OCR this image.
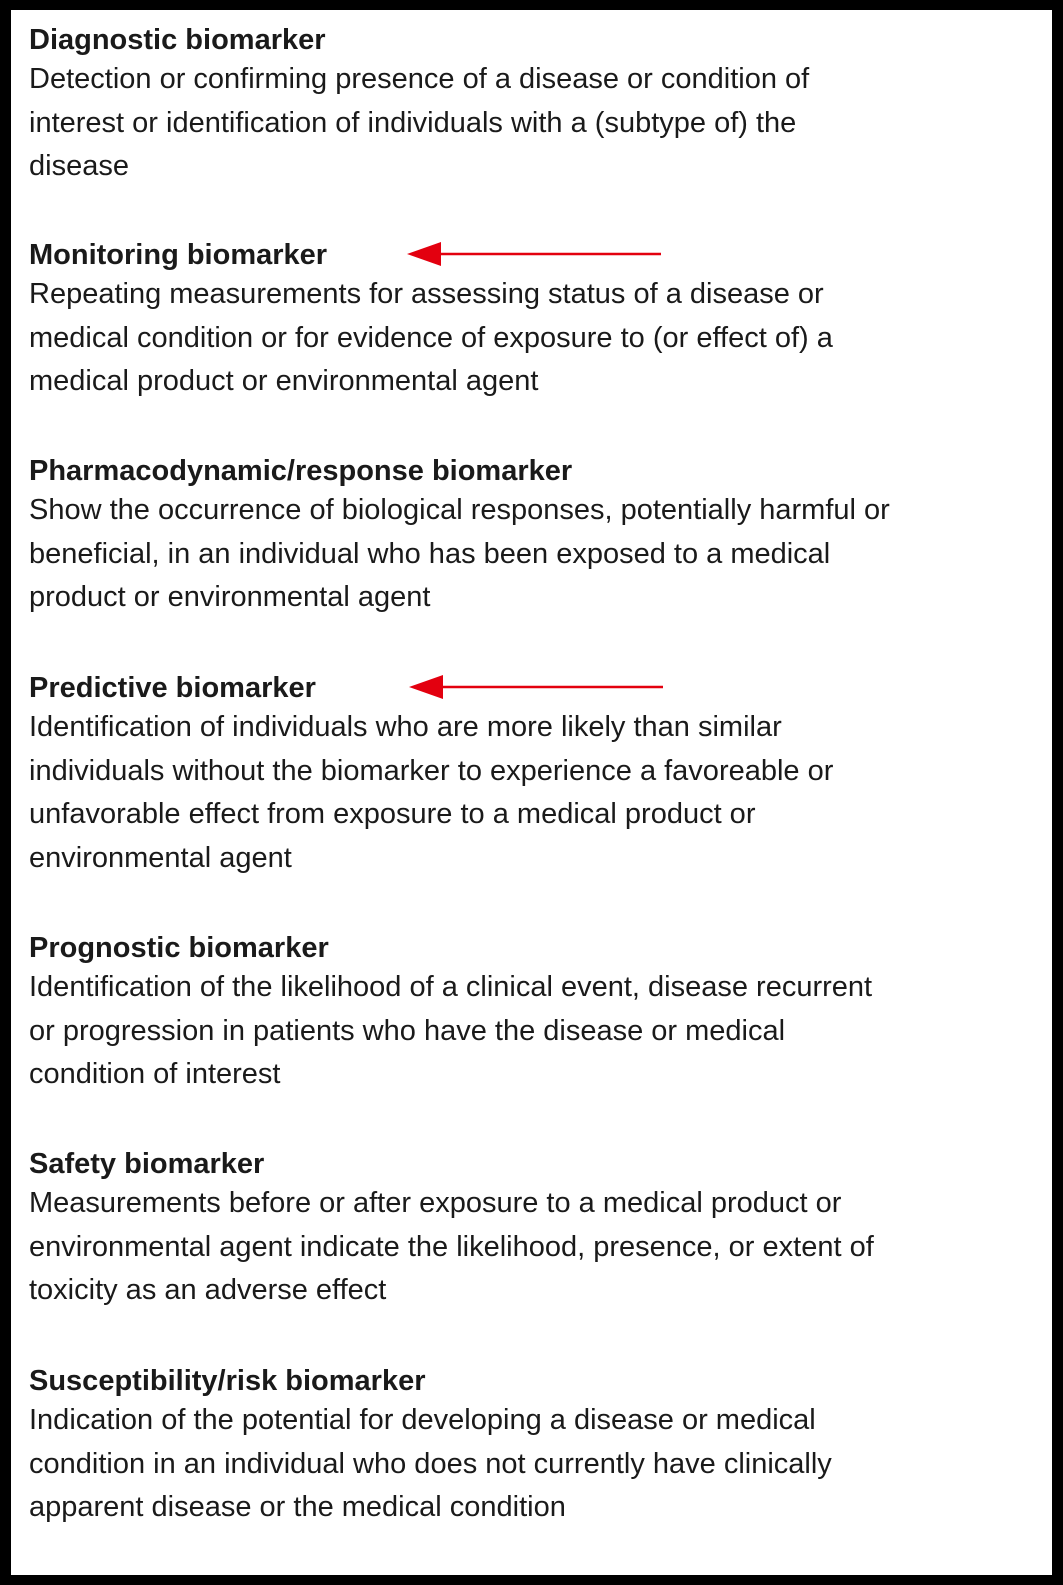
Diagnostic biomarker
Detection or confirming presence of a disease or condition of
interest or identification of individuals with a (subtype of) the
disease
Monitoring biomarker
Repeating measurements for assessing status of a disease or
medical condition or for evidence of exposure to (or effect of) a
medical product or environmental agent
Pharmacodynamic/response biomarker
Show the occurrence of biological responses, potentially harmful or
beneficial, in an individual who has been exposed to a medical
product or environmental agent
Predictive biomarker
Identification of individuals who are more likely than similar
individuals without the biomarker to experience a favoreable or
unfavorable effect from exposure to a medical product or
environmental agent
Prognostic biomarker
Identification of the likelihood of a clinical event, disease recurrent
or progression in patients who have the disease or medical
condition of interest
Safety biomarker
Measurements before or after exposure to a medical product or
environmental agent indicate the likelihood, presence, or extent of
toxicity as an adverse effect
Susceptibility/risk biomarker
Indication of the potential for developing a disease or medical
condition in an individual who does not currently have clinically
apparent disease or the medical condition
